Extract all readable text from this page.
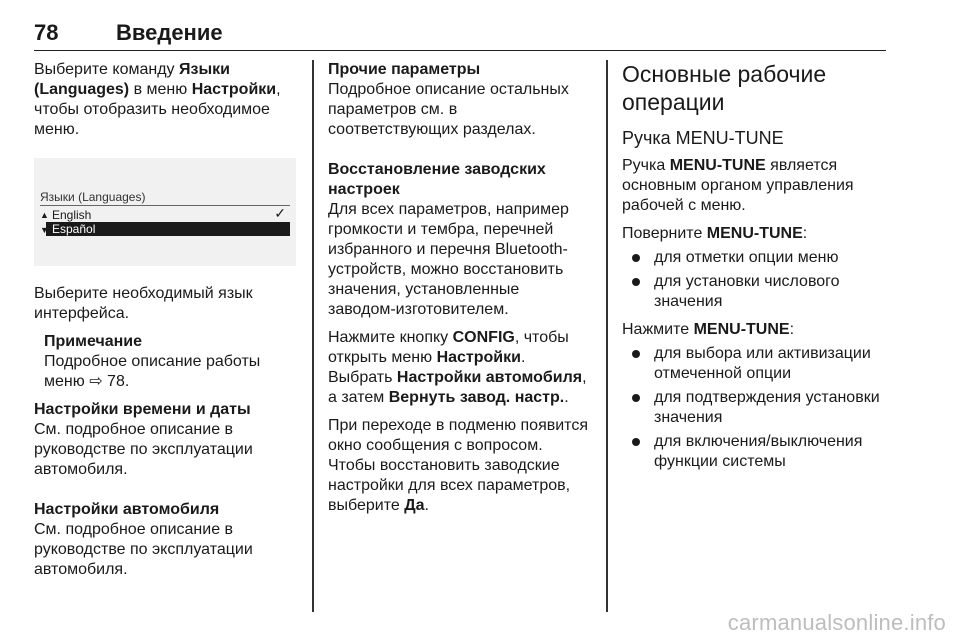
78	Введение

Выберите команду Языки (Languages) в меню Настройки, чтобы отобразить необходимое меню.

Языки (Languages)
▲ English	✓
Español
▼

Выберите необходимый язык интерфейса.

Примечание

Подробное описание работы меню ⇨ 78.

Настройки времени и даты

См. подробное описание в руководстве по эксплуатации автомобиля.

Настройки автомобиля

См. подробное описание в руководстве по эксплуатации автомобиля.

Прочие параметры

Подробное описание остальных параметров см. в соответствующих разделах.

Восстановление заводских настроек

Для всех параметров, например громкости и тембра, перечней избранного и перечня Bluetooth-устройств, можно восстановить значения, установленные заводом-изготовителем.

Нажмите кнопку CONFIG, чтобы открыть меню Настройки. Выбрать Настройки автомобиля, а затем Вернуть завод. настр..

При переходе в подменю появится окно сообщения с вопросом. Чтобы восстановить заводские настройки для всех параметров, выберите Да.

Основные рабочие операции

Ручка MENU-TUNE

Ручка MENU-TUNE является основным органом управления рабочей с меню.

Поверните MENU-TUNE:

для отметки опции меню
для установки числового значения

Нажмите MENU-TUNE:

для выбора или активизации отмеченной опции
для подтверждения установки значения
для включения/выключения функции системы
carmanualsonline.info
